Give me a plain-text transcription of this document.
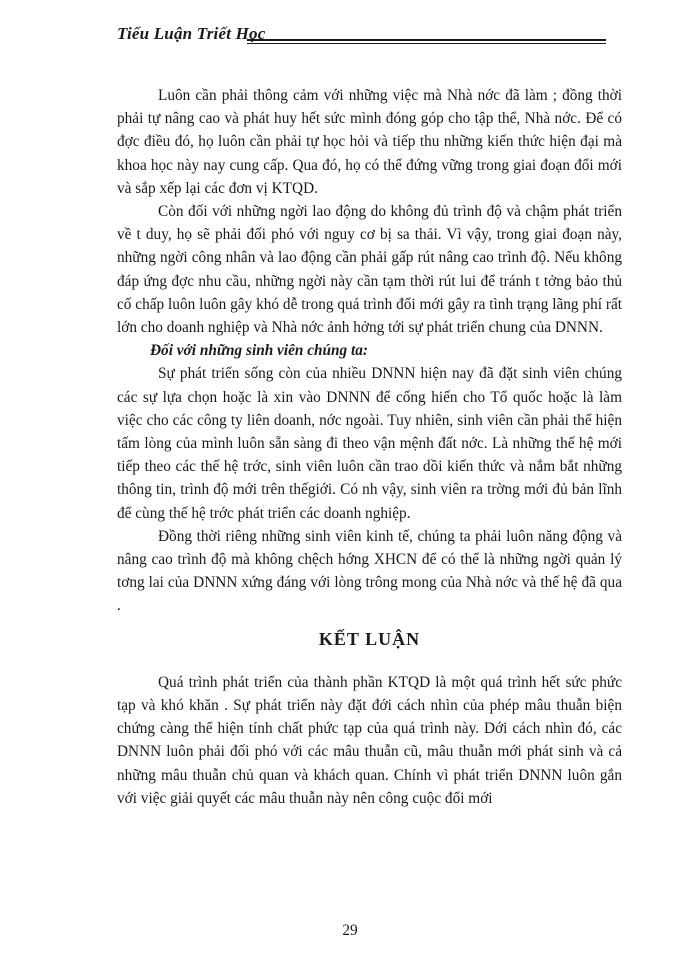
Tiểu Luận Triết Học

Luôn cần phải thông cảm với những việc mà Nhà nớc đã làm ; đồng thời phải tự nâng cao và phát huy hết sức mình đóng góp cho tập thể, Nhà nớc. Để có đợc điều đó, họ luôn cần phải tự học hỏi và tiếp thu những kiến thức hiện đại mà khoa học này nay cung cấp. Qua đó, họ có thể đứng vững trong giai đoạn đổi mới và sắp xếp lại các đơn vị KTQD.

Còn đối với những ngời lao động do không đủ trình độ và chậm phát triển về t duy, họ sẽ phải đối phó với nguy cơ bị sa thải. Vì vậy, trong giai đoạn này, những ngời công nhân và lao động cần phải gấp rút nâng cao trình độ. Nếu không đáp ứng đợc nhu cầu, những ngời này cần tạm thời rút lui để tránh t tởng bảo thủ cố chấp luôn luôn gây khó dễ trong quá trình đổi mới gây ra tình trạng lãng phí rất lớn cho doanh nghiệp và Nhà nớc ảnh hởng tới sự phát triển chung của DNNN.

Đối với những sinh viên chúng ta:

Sự phát triển sống còn của nhiều DNNN hiện nay đã đặt sinh viên chúng các sự lựa chọn hoặc là xin vào DNNN để cống hiến cho Tổ quốc hoặc là làm việc cho các công ty liên doanh, nớc ngoài. Tuy nhiên, sinh viên cần phải thể hiện tấm lòng của mình luôn sẵn sàng đi theo vận mệnh đất nớc. Là những thế hệ mới tiếp theo các thế hệ trớc, sinh viên luôn cần trao dồi kiến thức và nắm bắt những thông tin, trình độ mới trên thếgiới. Có nh vậy, sinh viên ra trờng mới đủ bản lĩnh để cùng thế hệ trớc phát triển các doanh nghiệp.

Đồng thời riêng những sinh viên kinh tế, chúng ta phải luôn năng động và nâng cao trình độ mà không chệch hớng XHCN để có thể là những ngời quản lý tơng lai của DNNN xứng đáng với lòng trông mong của Nhà nớc và thế hệ đã qua .

KẾT LUẬN

Quá trình phát triển của thành phần KTQD là một quá trình hết sức phức tạp và khó khăn . Sự phát triển này đặt đới cách nhìn của phép mâu thuẫn biện chứng càng thể hiện tính chất phức tạp của quá trình này. Dới cách nhìn đó, các DNNN luôn phải đối phó với các mâu thuẫn cũ, mâu thuẫn mới phát sinh và cả những mâu thuẫn chủ quan và khách quan. Chính vì phát triển DNNN luôn gắn với việc giải quyết các mâu thuẫn này nên công cuộc đổi mới

29
